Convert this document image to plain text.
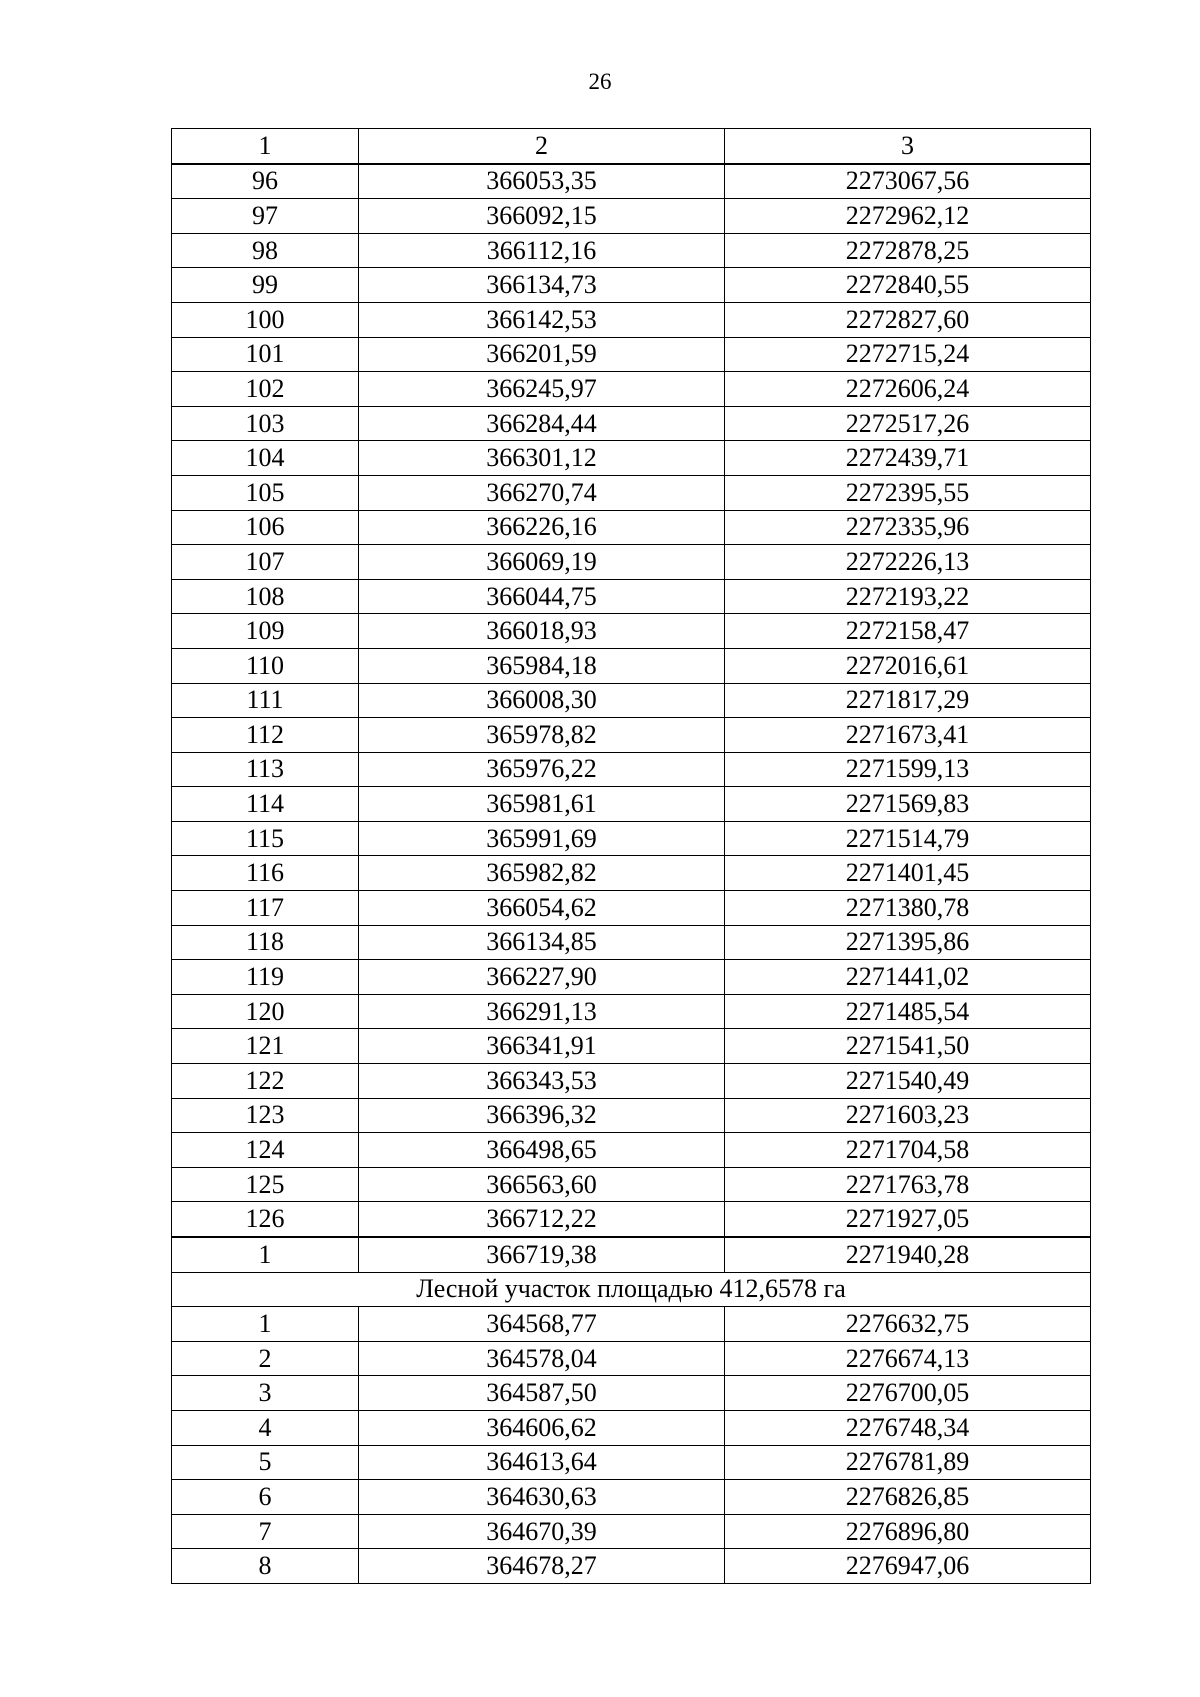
26
1	2	3
96	366053,35	2273067,56
97	366092,15	2272962,12
98	366112,16	2272878,25
99	366134,73	2272840,55
100	366142,53	2272827,60
101	366201,59	2272715,24
102	366245,97	2272606,24
103	366284,44	2272517,26
104	366301,12	2272439,71
105	366270,74	2272395,55
106	366226,16	2272335,96
107	366069,19	2272226,13
108	366044,75	2272193,22
109	366018,93	2272158,47
110	365984,18	2272016,61
111	366008,30	2271817,29
112	365978,82	2271673,41
113	365976,22	2271599,13
114	365981,61	2271569,83
115	365991,69	2271514,79
116	365982,82	2271401,45
117	366054,62	2271380,78
118	366134,85	2271395,86
119	366227,90	2271441,02
120	366291,13	2271485,54
121	366341,91	2271541,50
122	366343,53	2271540,49
123	366396,32	2271603,23
124	366498,65	2271704,58
125	366563,60	2271763,78
126	366712,22	2271927,05
1	366719,38	2271940,28
Лесной участок площадью 412,6578 га		
1	364568,77	2276632,75
2	364578,04	2276674,13
3	364587,50	2276700,05
4	364606,62	2276748,34
5	364613,64	2276781,89
6	364630,63	2276826,85
7	364670,39	2276896,80
8	364678,27	2276947,06
